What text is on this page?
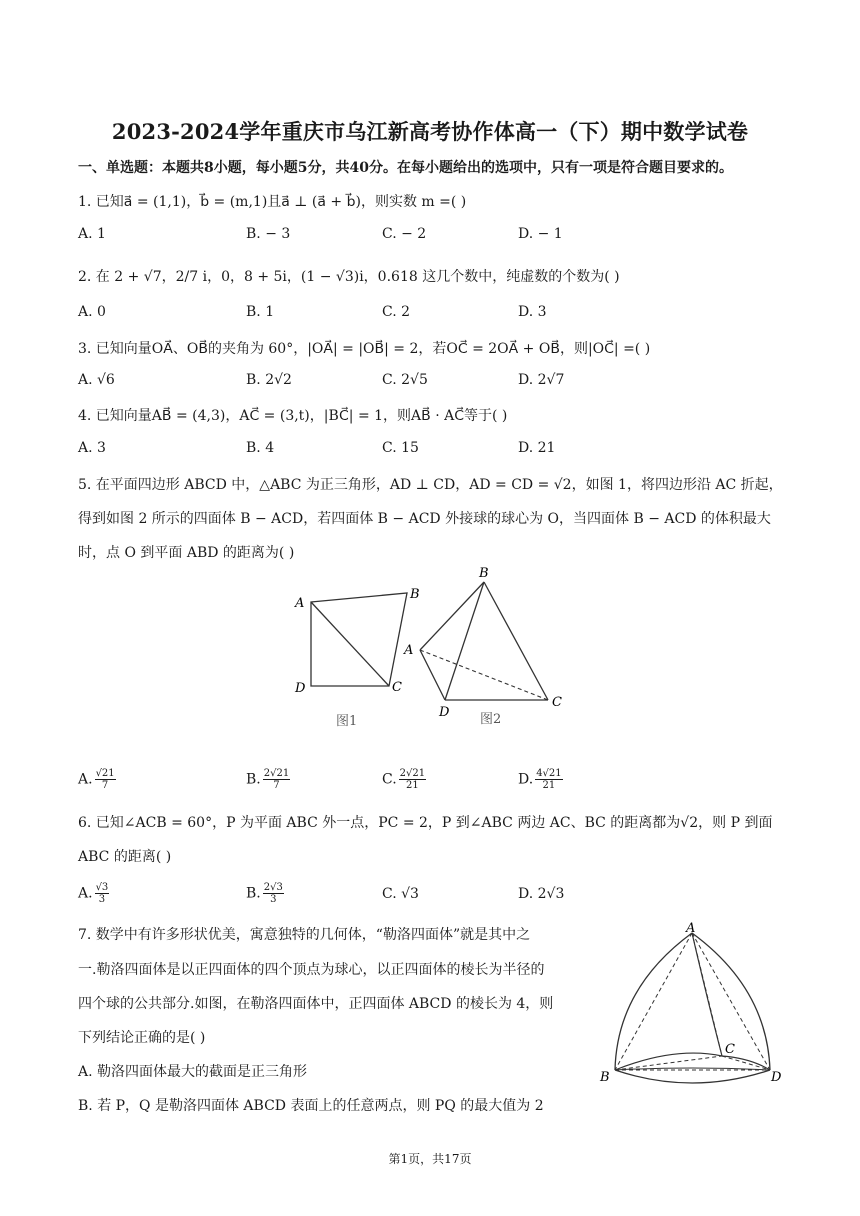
2023-2024学年重庆市乌江新高考协作体高一（下）期中数学试卷
一、单选题：本题共8小题，每小题5分，共40分。在每小题给出的选项中，只有一项是符合题目要求的。
1. 已知a⃗ = (1,1)，b⃗ = (m,1)且a⃗ ⊥ (a⃗ + b⃗)，则实数 m =( )
A. 1	B. − 3	C. − 2	D. − 1
2. 在 2 + √7，2/7 i，0，8 + 5i，(1 − √3)i，0.618 这几个数中，纯虚数的个数为( )
A. 0	B. 1	C. 2	D. 3
3. 已知向量OA⃗、OB⃗的夹角为 60°，|OA⃗| = |OB⃗| = 2，若OC⃗ = 2OA⃗ + OB⃗，则|OC⃗| =( )
A. √6	B. 2√2	C. 2√5	D. 2√7
4. 已知向量AB⃗ = (4,3)，AC⃗ = (3,t)，|BC⃗| = 1，则AB⃗ · AC⃗等于( )
A. 3	B. 4	C. 15	D. 21
5. 在平面四边形 ABCD 中，△ABC 为正三角形，AD ⊥ CD，AD = CD = √2，如图 1，将四边形沿 AC 折起，
得到如图 2 所示的四面体 B − ACD，若四面体 B − ACD 外接球的球心为 O，当四面体 B − ACD 的体积最大
时，点 O 到平面 ABD 的距离为( )
A
B
C
D
图1
B
A
C
D 图2
A. $\frac{√21}{7}$	B. $\frac{2√21}{7}$	C. $\frac{2√21}{21}$	D. $\frac{4√21}{21}$
6. 已知∠ACB = 60°，P 为平面 ABC 外一点，PC = 2，P 到∠ABC 两边 AC、BC 的距离都为√2，则 P 到面
ABC 的距离( )
A. $\frac{√3}{3}$	B. $\frac{2√3}{3}$	C. √3	D. 2√3
7. 数学中有许多形状优美，寓意独特的几何体，“勒洛四面体”就是其中之
一.勒洛四面体是以正四面体的四个顶点为球心，以正四面体的棱长为半径的
四个球的公共部分.如图，在勒洛四面体中，正四面体 ABCD 的棱长为 4，则
下列结论正确的是( )
A. 勒洛四面体最大的截面是正三角形
B. 若 P，Q 是勒洛四面体 ABCD 表面上的任意两点，则 PQ 的最大值为 2
A
B
C
D
第1页，共17页
